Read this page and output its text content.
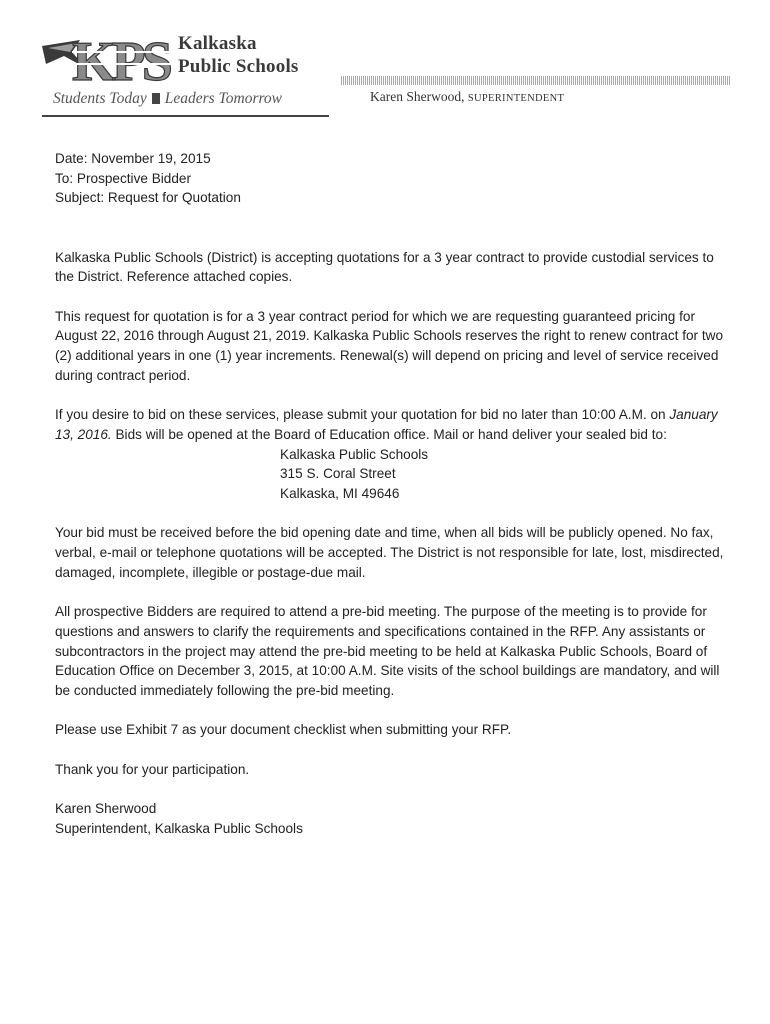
KPS Kalkaska
Public Schools
Students Today Leaders Tomorrow	Karen Sherwood, SUPERINTENDENT

Date: November 19, 2015

To: Prospective Bidder

Subject: Request for Quotation

Kalkaska Public Schools (District) is accepting quotations for a 3 year contract to provide custodial services to the District. Reference attached copies.

This request for quotation is for a 3 year contract period for which we are requesting guaranteed pricing for August 22, 2016 through August 21, 2019. Kalkaska Public Schools reserves the right to renew contract for two (2) additional years in one (1) year increments. Renewal(s) will depend on pricing and level of service received during contract period.

If you desire to bid on these services, please submit your quotation for bid no later than 10:00 A.M. on January 13, 2016. Bids will be opened at the Board of Education office. Mail or hand deliver your sealed bid to:

Kalkaska Public Schools

315 S. Coral Street

Kalkaska, MI 49646

Your bid must be received before the bid opening date and time, when all bids will be publicly opened. No fax, verbal, e-mail or telephone quotations will be accepted. The District is not responsible for late, lost, misdirected, damaged, incomplete, illegible or postage-due mail.

All prospective Bidders are required to attend a pre-bid meeting. The purpose of the meeting is to provide for questions and answers to clarify the requirements and specifications contained in the RFP. Any assistants or subcontractors in the project may attend the pre-bid meeting to be held at Kalkaska Public Schools, Board of Education Office on December 3, 2015, at 10:00 A.M. Site visits of the school buildings are mandatory, and will be conducted immediately following the pre-bid meeting.

Please use Exhibit 7 as your document checklist when submitting your RFP.

Thank you for your participation.

Karen Sherwood

Superintendent, Kalkaska Public Schools
